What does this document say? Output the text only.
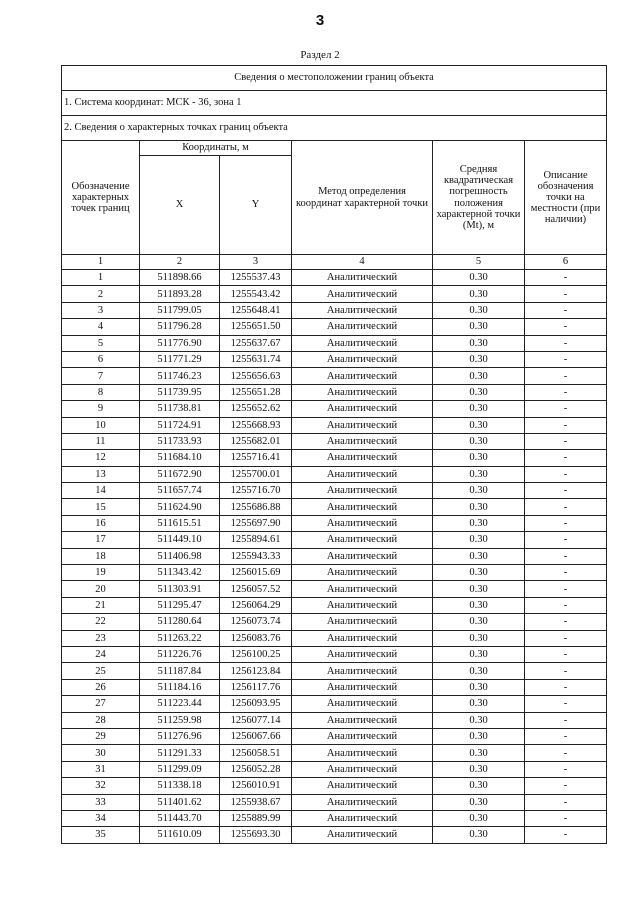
3
Раздел 2
Сведения о местоположении границ объекта					
1. Система координат: МСК - 36, зона 1					
2. Сведения о характерных точках границ объекта					
Обозначение характерных точек границ	Координаты, м		Метод определения координат характерной точки	Средняя квадратическая погрешность положения характерной точки (Mt), м	Описание обозначения точки на местности (при наличии)
	X	Y			
1	2	3	4	5	6
1	511898.66	1255537.43	Аналитический	0.30	-
2	511893.28	1255543.42	Аналитический	0.30	-
3	511799.05	1255648.41	Аналитический	0.30	-
4	511796.28	1255651.50	Аналитический	0.30	-
5	511776.90	1255637.67	Аналитический	0.30	-
6	511771.29	1255631.74	Аналитический	0.30	-
7	511746.23	1255656.63	Аналитический	0.30	-
8	511739.95	1255651.28	Аналитический	0.30	-
9	511738.81	1255652.62	Аналитический	0.30	-
10	511724.91	1255668.93	Аналитический	0.30	-
11	511733.93	1255682.01	Аналитический	0.30	-
12	511684.10	1255716.41	Аналитический	0.30	-
13	511672.90	1255700.01	Аналитический	0.30	-
14	511657.74	1255716.70	Аналитический	0.30	-
15	511624.90	1255686.88	Аналитический	0.30	-
16	511615.51	1255697.90	Аналитический	0.30	-
17	511449.10	1255894.61	Аналитический	0.30	-
18	511406.98	1255943.33	Аналитический	0.30	-
19	511343.42	1256015.69	Аналитический	0.30	-
20	511303.91	1256057.52	Аналитический	0.30	-
21	511295.47	1256064.29	Аналитический	0.30	-
22	511280.64	1256073.74	Аналитический	0.30	-
23	511263.22	1256083.76	Аналитический	0.30	-
24	511226.76	1256100.25	Аналитический	0.30	-
25	511187.84	1256123.84	Аналитический	0.30	-
26	511184.16	1256117.76	Аналитический	0.30	-
27	511223.44	1256093.95	Аналитический	0.30	-
28	511259.98	1256077.14	Аналитический	0.30	-
29	511276.96	1256067.66	Аналитический	0.30	-
30	511291.33	1256058.51	Аналитический	0.30	-
31	511299.09	1256052.28	Аналитический	0.30	-
32	511338.18	1256010.91	Аналитический	0.30	-
33	511401.62	1255938.67	Аналитический	0.30	-
34	511443.70	1255889.99	Аналитический	0.30	-
35	511610.09	1255693.30	Аналитический	0.30	-
